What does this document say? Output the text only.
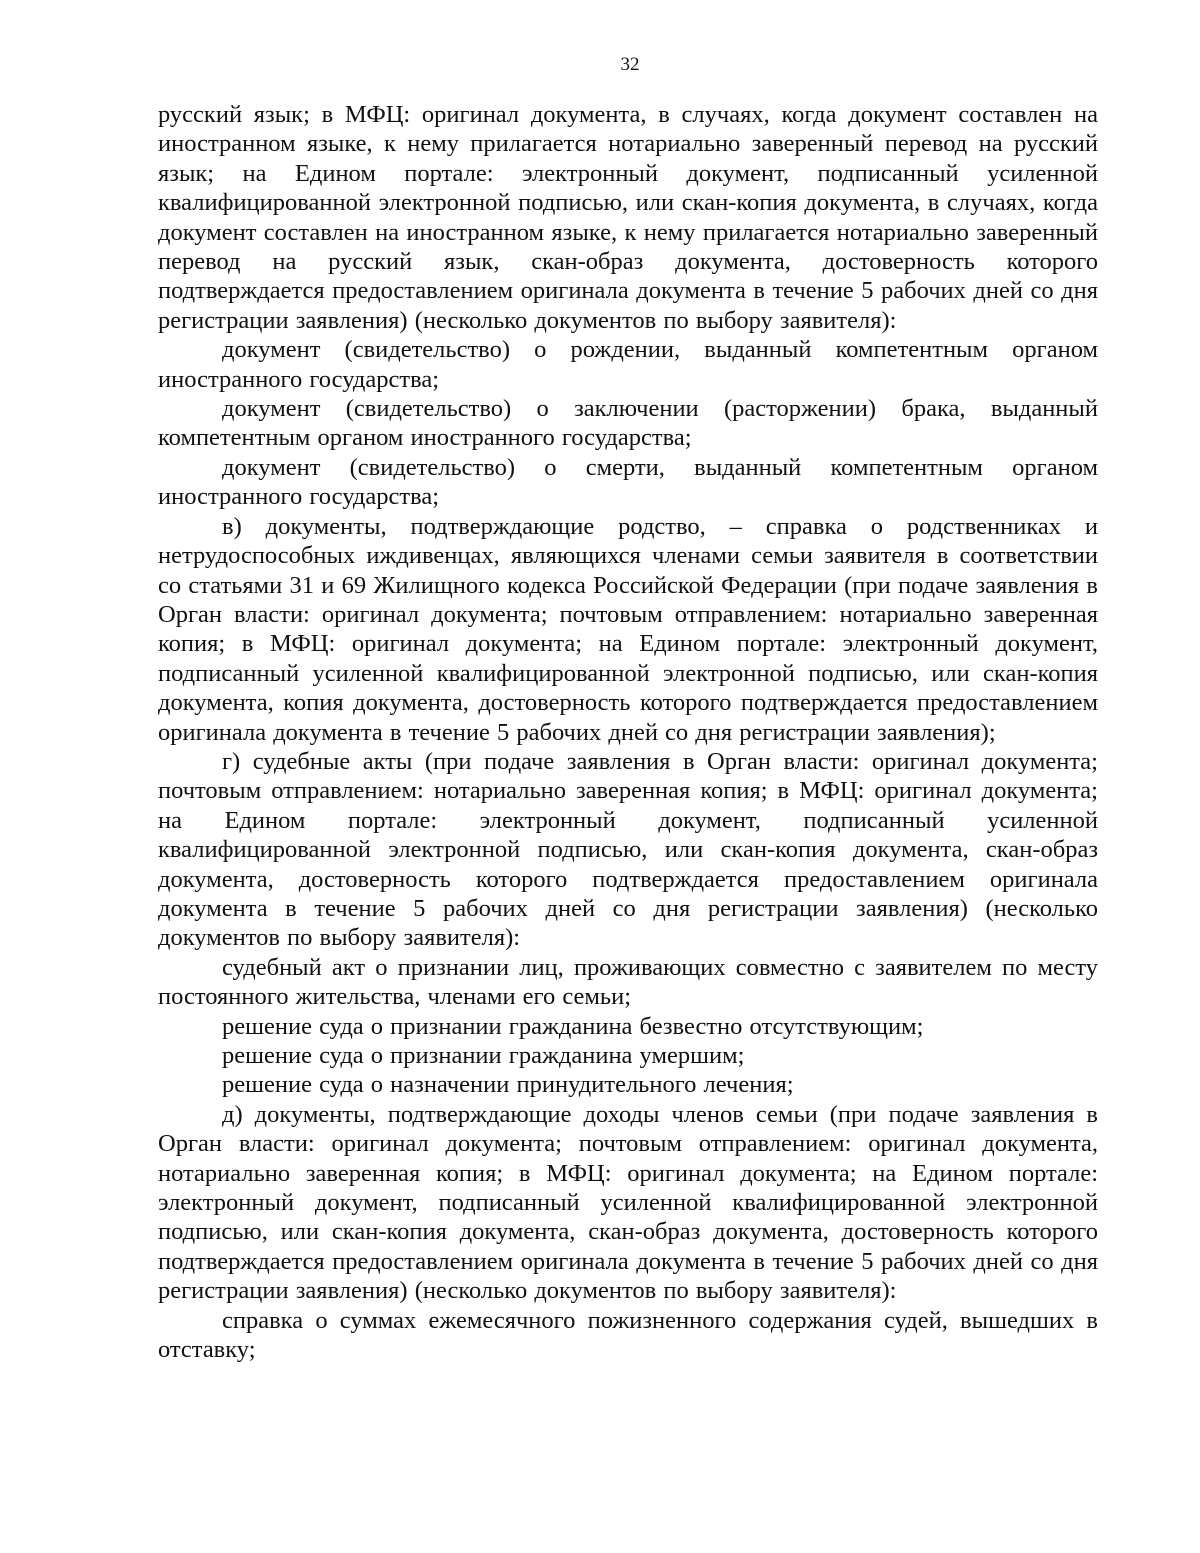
32

русский язык; в МФЦ: оригинал документа, в случаях, когда документ составлен на иностранном языке, к нему прилагается нотариально заверенный перевод на русский язык; на Едином портале: электронный документ, подписанный усиленной квалифицированной электронной подписью, или скан-копия документа, в случаях, когда документ составлен на иностранном языке, к нему прилагается нотариально заверенный перевод на русский язык, скан-образ документа, достоверность которого подтверждается предоставлением оригинала документа в течение 5 рабочих дней со дня регистрации заявления) (несколько документов по выбору заявителя):

документ (свидетельство) о рождении, выданный компетентным органом иностранного государства;

документ (свидетельство) о заключении (расторжении) брака, выданный компетентным органом иностранного государства;

документ (свидетельство) о смерти, выданный компетентным органом иностранного государства;

в) документы, подтверждающие родство, – справка о родственниках и нетрудоспособных иждивенцах, являющихся членами семьи заявителя в соответствии со статьями 31 и 69 Жилищного кодекса Российской Федерации (при подаче заявления в Орган власти: оригинал документа; почтовым отправлением: нотариально заверенная копия; в МФЦ: оригинал документа; на Едином портале: электронный документ, подписанный усиленной квалифицированной электронной подписью, или скан-копия документа, копия документа, достоверность которого подтверждается предоставлением оригинала документа в течение 5 рабочих дней со дня регистрации заявления);

г) судебные акты (при подаче заявления в Орган власти: оригинал документа; почтовым отправлением: нотариально заверенная копия; в МФЦ: оригинал документа; на Едином портале: электронный документ, подписанный усиленной квалифицированной электронной подписью, или скан-копия документа, скан-образ документа, достоверность которого подтверждается предоставлением оригинала документа в течение 5 рабочих дней со дня регистрации заявления) (несколько документов по выбору заявителя):

судебный акт о признании лиц, проживающих совместно с заявителем по месту постоянного жительства, членами его семьи;

решение суда о признании гражданина безвестно отсутствующим;

решение суда о признании гражданина умершим;

решение суда о назначении принудительного лечения;

д) документы, подтверждающие доходы членов семьи (при подаче заявления в Орган власти: оригинал документа; почтовым отправлением: оригинал документа, нотариально заверенная копия; в МФЦ: оригинал документа; на Едином портале: электронный документ, подписанный усиленной квалифицированной электронной подписью, или скан-копия документа, скан-образ документа, достоверность которого подтверждается предоставлением оригинала документа в течение 5 рабочих дней со дня регистрации заявления) (несколько документов по выбору заявителя):

справка о суммах ежемесячного пожизненного содержания судей, вышедших в отставку;
